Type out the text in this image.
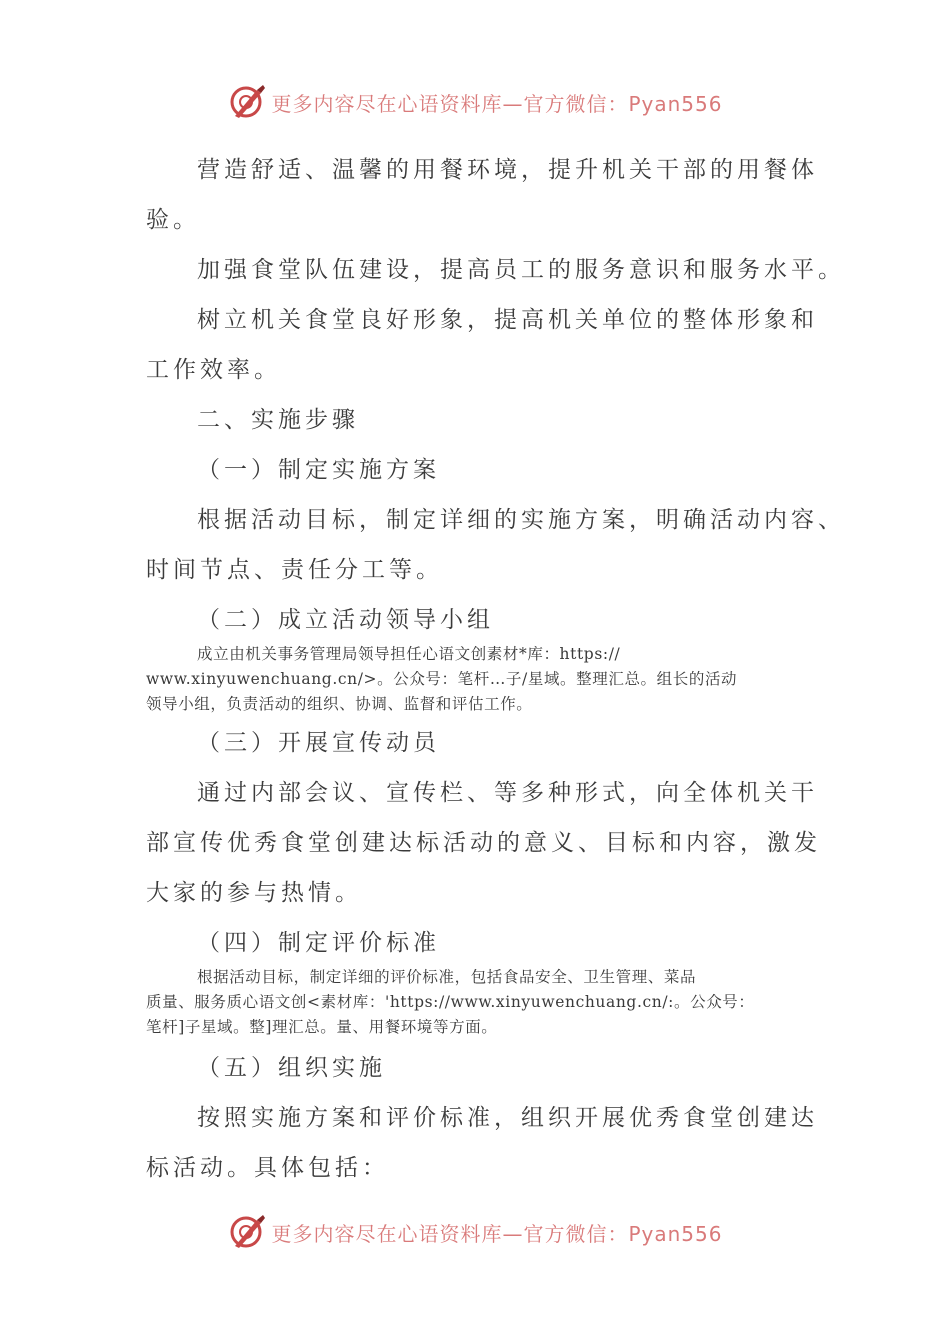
更多内容尽在心语资料库—官方微信：Pyan556
营造舒适、温馨的用餐环境，提升机关干部的用餐体
验。
加强食堂队伍建设，提高员工的服务意识和服务水平。
树立机关食堂良好形象，提高机关单位的整体形象和
工作效率。
二、实施步骤
（一）制定实施方案
根据活动目标，制定详细的实施方案，明确活动内容、
时间节点、责任分工等。
（二）成立活动领导小组
成立由机关事务管理局领导担任心语文创素材*库：https://
www.xinyuwenchuang.cn/>。公众号：笔杆…子/星域。整理汇总。组长的活动
领导小组，负责活动的组织、协调、监督和评估工作。
（三）开展宣传动员
通过内部会议、宣传栏、等多种形式，向全体机关干
部宣传优秀食堂创建达标活动的意义、目标和内容，激发
大家的参与热情。
（四）制定评价标准
根据活动目标，制定详细的评价标准，包括食品安全、卫生管理、菜品
质量、服务质心语文创<素材库：'https://www.xinyuwenchuang.cn/:。公众号：
笔杆]子星域。整]理汇总。量、用餐环境等方面。
（五）组织实施
按照实施方案和评价标准，组织开展优秀食堂创建达
标活动。具体包括：
更多内容尽在心语资料库—官方微信：Pyan556
